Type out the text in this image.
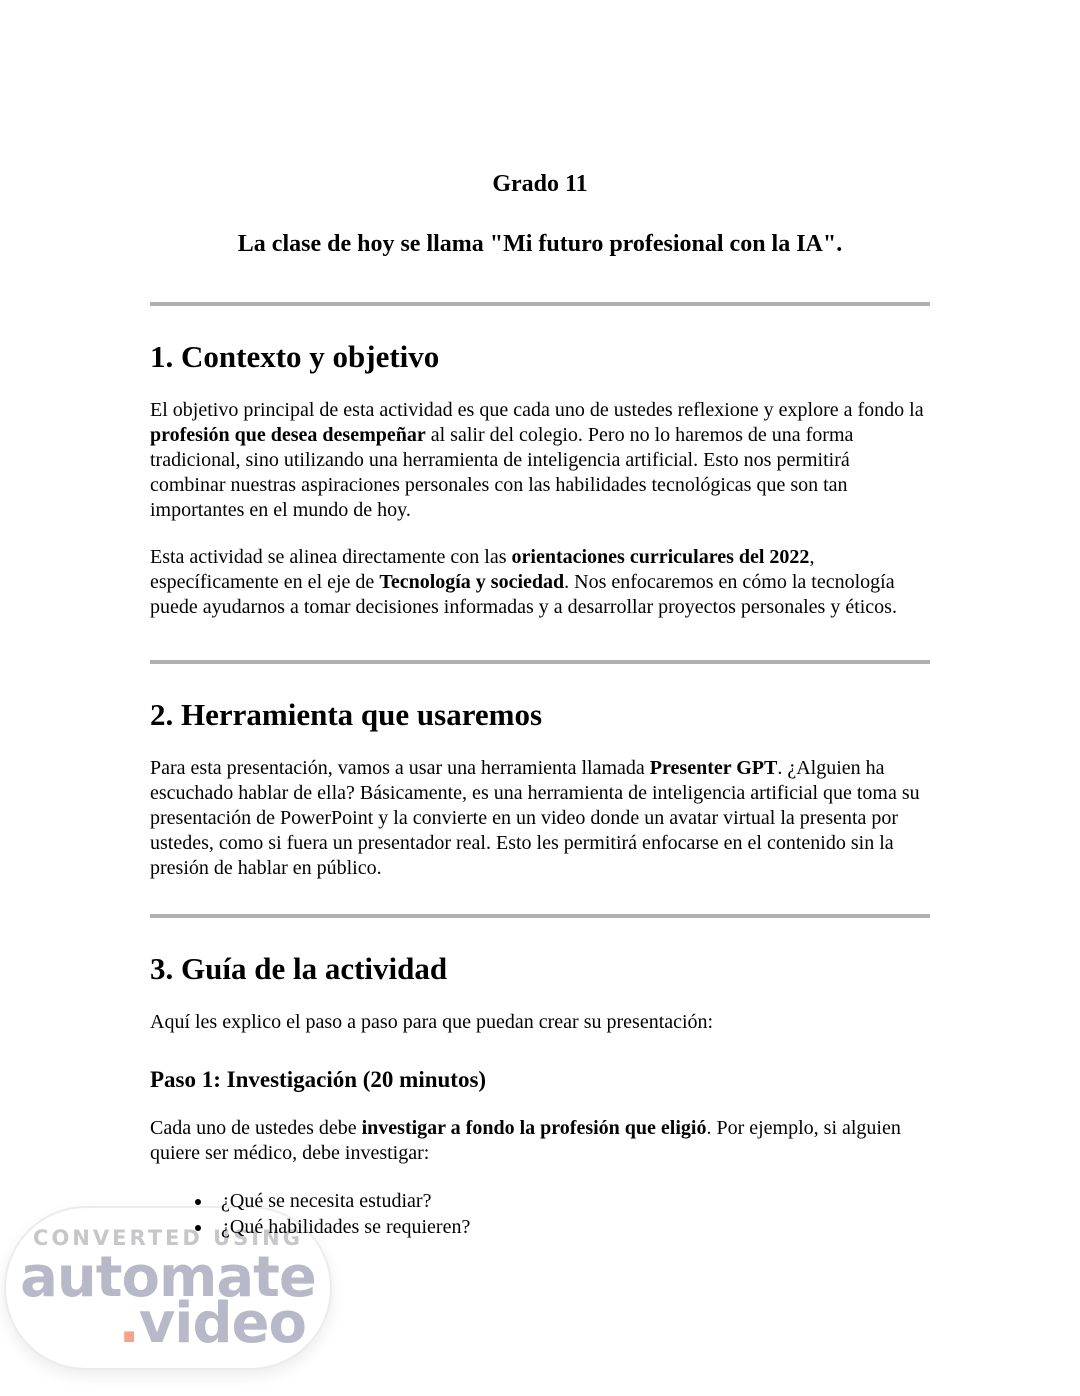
CONVERTED USING
automate
.video
Grado 11
La clase de hoy se llama "Mi futuro profesional con la IA".
1. Contexto y objetivo

El objetivo principal de esta actividad es que cada uno de ustedes reflexione y explore a fondo la profesión que desea desempeñar al salir del colegio. Pero no lo haremos de una forma tradicional, sino utilizando una herramienta de inteligencia artificial. Esto nos permitirá combinar nuestras aspiraciones personales con las habilidades tecnológicas que son tan importantes en el mundo de hoy.

Esta actividad se alinea directamente con las orientaciones curriculares del 2022, específicamente en el eje de Tecnología y sociedad. Nos enfocaremos en cómo la tecnología puede ayudarnos a tomar decisiones informadas y a desarrollar proyectos personales y éticos.

2. Herramienta que usaremos

Para esta presentación, vamos a usar una herramienta llamada Presenter GPT. ¿Alguien ha escuchado hablar de ella? Básicamente, es una herramienta de inteligencia artificial que toma su presentación de PowerPoint y la convierte en un video donde un avatar virtual la presenta por ustedes, como si fuera un presentador real. Esto les permitirá enfocarse en el contenido sin la presión de hablar en público.

3. Guía de la actividad

Aquí les explico el paso a paso para que puedan crear su presentación:

Paso 1: Investigación (20 minutos)

Cada uno de ustedes debe investigar a fondo la profesión que eligió. Por ejemplo, si alguien quiere ser médico, debe investigar:

• ¿Qué se necesita estudiar?
• ¿Qué habilidades se requieren?
